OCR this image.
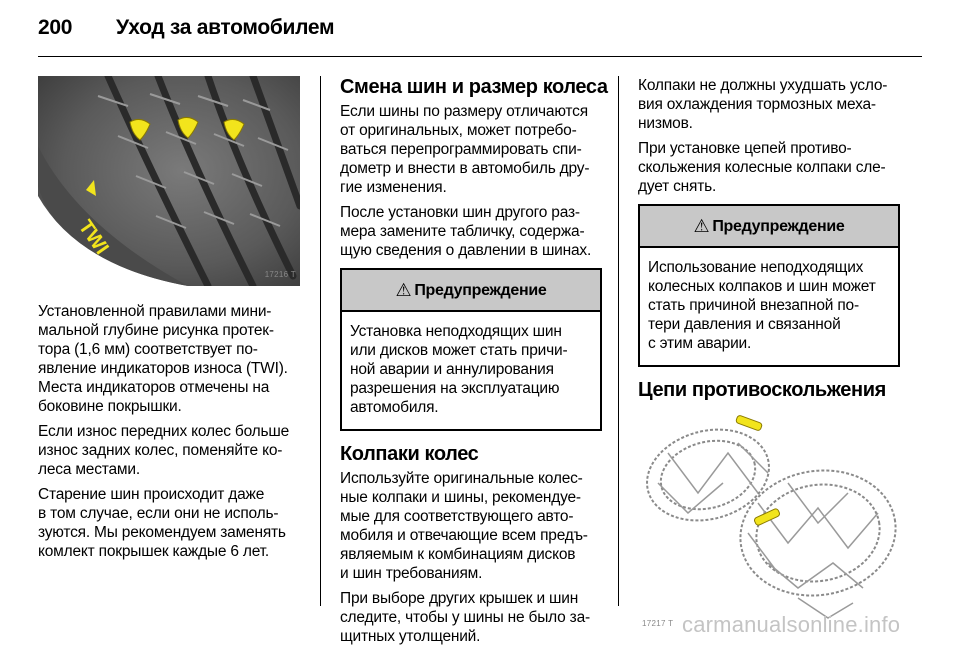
200 Уход за автомобилем
TWI
17216 T

Установленной правилами мини-
мальной глубине рисунка протек-
тора (1,6 мм) соответствует по-
явление индикаторов износа (TWI).
Места индикаторов отмечены на
боковине покрышки.

Если износ передних колес больше
износ задних колес, поменяйте ко-
леса местами.

Старение шин происходит даже
в том случае, если они не исполь-
зуются. Мы рекомендуем заменять
комлект покрышек каждые 6 лет.

Смена шин и размер колеса

Если шины по размеру отличаются
от оригинальных, может потребо-
ваться перепрограммировать спи-
дометр и внести в автомобиль дру-
гие изменения.

После установки шин другого раз-
мера замените табличку, содержа-
щую сведения о давлении в шинах.

⚠ Предупреждение
Установка неподходящих шин
или дисков может стать причи-
ной аварии и аннулирования
разрешения на эксплуатацию
автомобиля.
Колпаки колес

Используйте оригинальные колес-
ные колпаки и шины, рекомендуе-
мые для соответствующего авто-
мобиля и отвечающие всем предъ-
являемым к комбинациям дисков
и шин требованиям.

При выборе других крышек и шин
следите, чтобы у шины не было за-
щитных утолщений.

Колпаки не должны ухудшать усло-
вия охлаждения тормозных меха-
низмов.

При установке цепей противо-
скольжения колесные колпаки сле-
дует снять.

⚠ Предупреждение
Использование неподходящих
колесных колпаков и шин может
стать причиной внезапной по-
тери давления и связанной
с этим аварии.
Цепи противоскольжения
17217 T carmanualsonline.info
